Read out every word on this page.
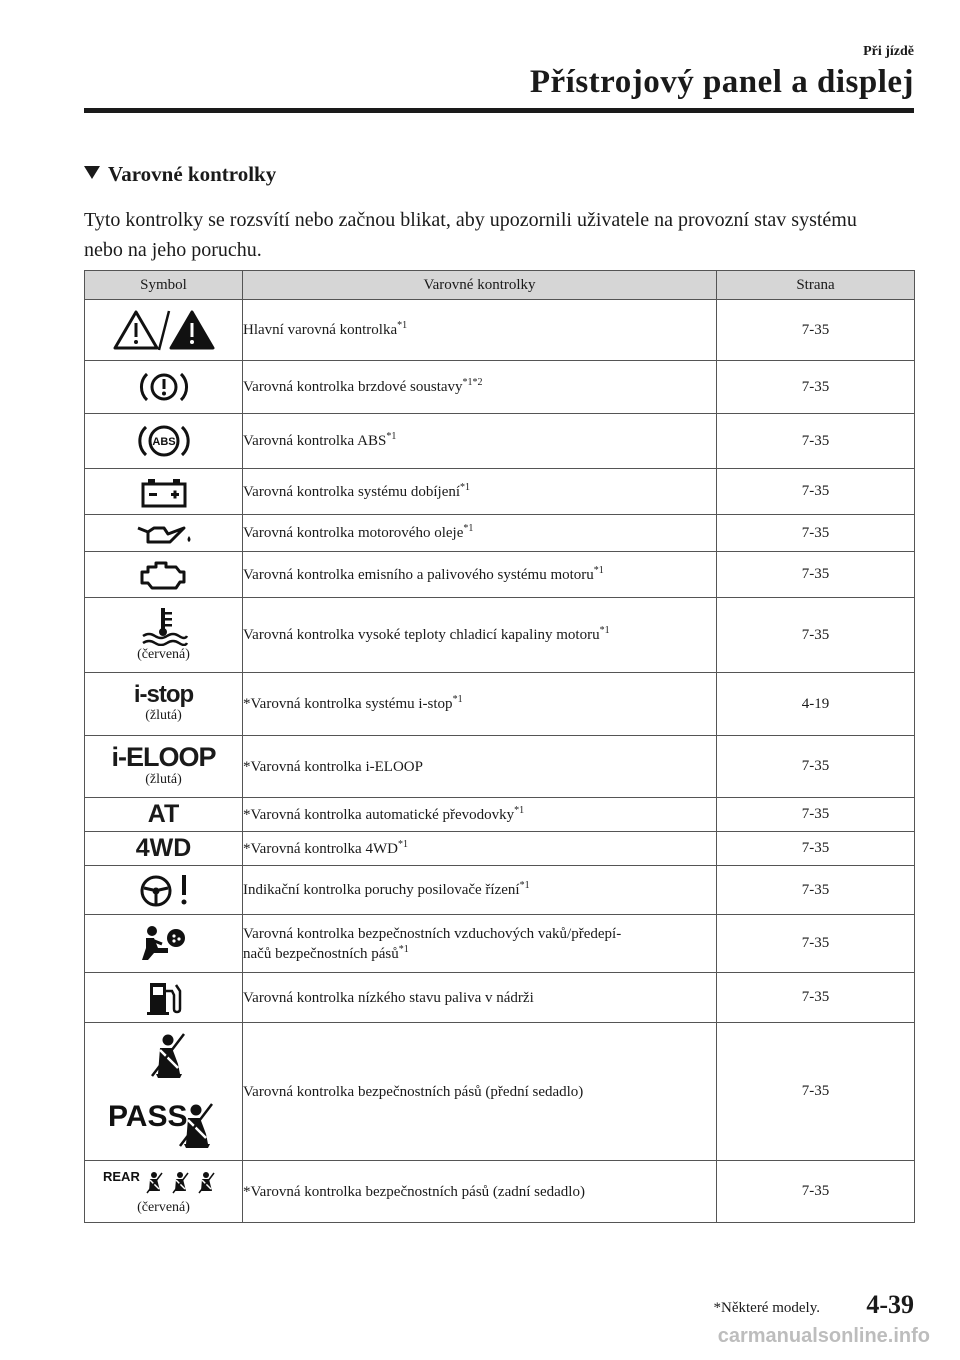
Při jízdě
Přístrojový panel a displej
Varovné kontrolky
Tyto kontrolky se rozsvítí nebo začnou blikat, aby upozornili uživatele na provozní stav systému nebo na jeho poruchu.
Symbol	Varovné kontrolky	Strana

	Hlavní varovná kontrolka$^{*1}$	7-35

	Varovná kontrolka brzdové soustavy$^{*1*2}$	7-35

ABS	Varovná kontrolka ABS$^{*1}$	7-35

	Varovná kontrolka systému dobíjení$^{*1}$	7-35

	Varovná kontrolka motorového oleje$^{*1}$	7-35

	Varovná kontrolka emisního a palivového systému motoru$^{*1}$	7-35

(červená)	Varovná kontrolka vysoké teploty chladicí kapaliny motoru$^{*1}$	7-35

i-stop
(žlutá)	*Varovná kontrolka systému i-stop$^{*1}$	4-19

i-ELOOP
(žlutá)	*Varovná kontrolka i-ELOOP	7-35

AT	*Varovná kontrolka automatické převodovky$^{*1}$	7-35

4WD	*Varovná kontrolka 4WD$^{*1}$	7-35

	Indikační kontrolka poruchy posilovače řízení$^{*1}$	7-35

	Varovná kontrolka bezpečnostních vzduchových vaků/předepí-
načů bezpečnostních pásů$^{*1}$	7-35

	Varovná kontrolka nízkého stavu paliva v nádrži	7-35

PASS	Varovná kontrolka bezpečnostních pásů (přední sedadlo)	7-35

REAR
(červená)	*Varovná kontrolka bezpečnostních pásů (zadní sedadlo)	7-35
*Některé modely. 4-39
carmanualsonline.info
